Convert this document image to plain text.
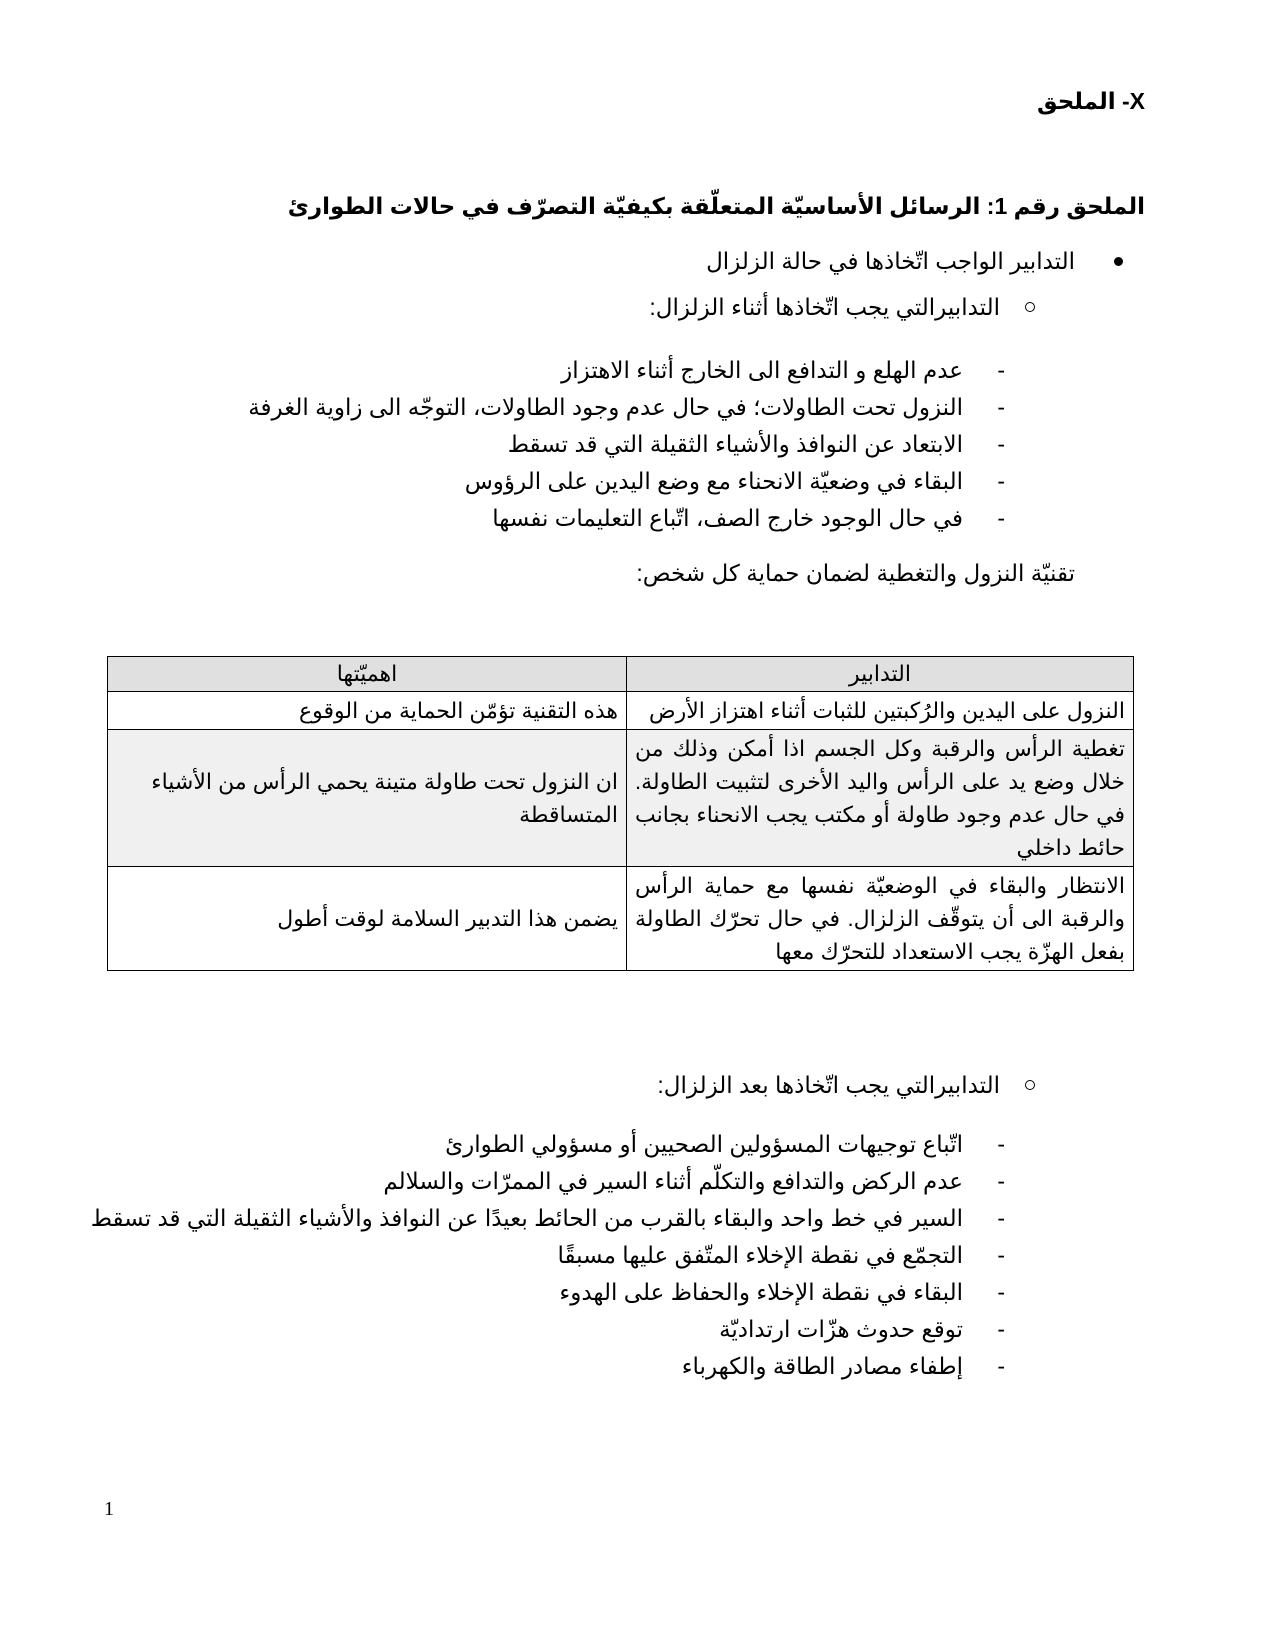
X- الملحق
الملحق رقم 1: الرسائل الأساسيّة المتعلّقة بكيفيّة التصرّف في حالات الطوارئ
التدابير الواجب اتّخاذها في حالة الزلزال
التدابيرالتي يجب اتّخاذها أثناء الزلزال:
- عدم الهلع و التدافع الى الخارج أثناء الاهتزاز
- النزول تحت الطاولات؛ في حال عدم وجود الطاولات، التوجّه الى زاوية الغرفة
- الابتعاد عن النوافذ والأشياء الثقيلة التي قد تسقط
- البقاء في وضعيّة الانحناء مع وضع اليدين على الرؤوس
- في حال الوجود خارج الصف، اتّباع التعليمات نفسها
تقنيّة النزول والتغطية لضمان حماية كل شخص:
التدابير	اهميّتها
النزول على اليدين والرُكبتين للثبات أثناء اهتزاز الأرض	هذه التقنية تؤمّن الحماية من الوقوع
تغطية الرأس والرقبة وكل الجسم اذا أمكن وذلك من خلال وضع يد على الرأس واليد الأخرى لتثبيت الطاولة. في حال عدم وجود طاولة أو مكتب يجب الانحناء بجانب حائط داخلي	ان النزول تحت طاولة متينة يحمي الرأس من الأشياء المتساقطة
الانتظار والبقاء في الوضعيّة نفسها مع حماية الرأس والرقبة الى أن يتوقّف الزلزال. في حال تحرّك الطاولة بفعل الهزّة يجب الاستعداد للتحرّك معها	يضمن هذا التدبير السلامة لوقت أطول
التدابيرالتي يجب اتّخاذها بعد الزلزال:
- اتّباع توجيهات المسؤولين الصحيين أو مسؤولي الطوارئ
- عدم الركض والتدافع والتكلّم أثناء السير في الممرّات والسلالم
- السير في خط واحد والبقاء بالقرب من الحائط بعيدًا عن النوافذ والأشياء الثقيلة التي قد تسقط
- التجمّع في نقطة الإخلاء المتّفق عليها مسبقًا
- البقاء في نقطة الإخلاء والحفاظ على الهدوء
- توقع حدوث هزّات ارتداديّة
- إطفاء مصادر الطاقة والكهرباء
1
